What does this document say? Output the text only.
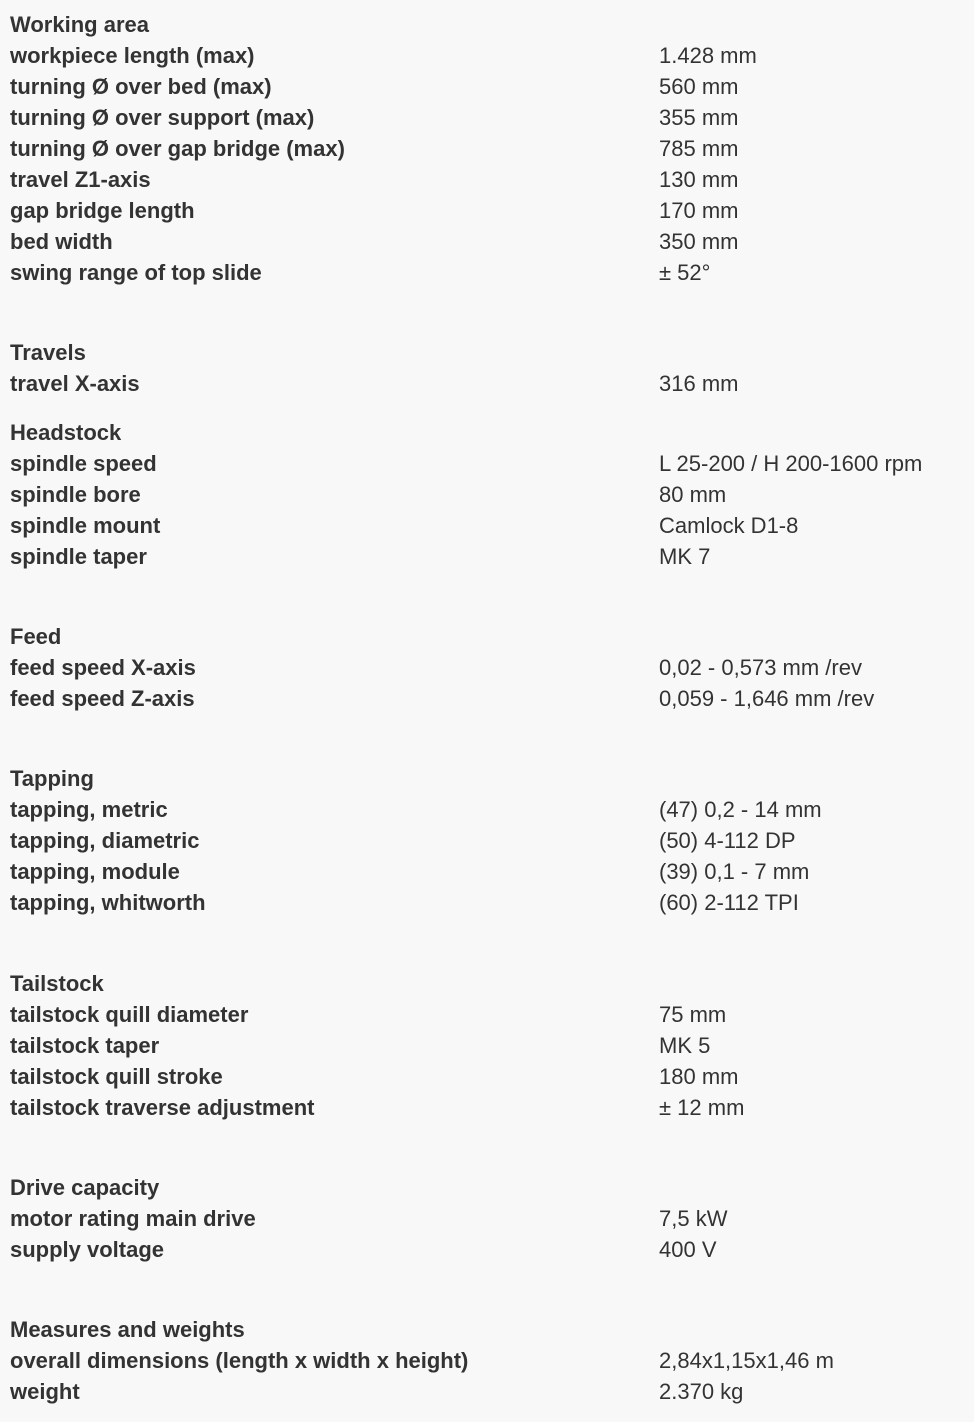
Working area
workpiece length (max)	1.428 mm
turning Ø over bed (max)	560 mm
turning Ø over support (max)	355 mm
turning Ø over gap bridge (max)	785 mm
travel Z1-axis	130 mm
gap bridge length	170 mm
bed width	350 mm
swing range of top slide	± 52°
Travels
travel X-axis	316 mm
Headstock
spindle speed	L 25-200 / H 200-1600 rpm
spindle bore	80 mm
spindle mount	Camlock D1-8
spindle taper	MK 7
Feed
feed speed X-axis	0,02 - 0,573 mm /rev
feed speed Z-axis	0,059 - 1,646 mm /rev
Tapping
tapping, metric	(47) 0,2 - 14 mm
tapping, diametric	(50) 4-112 DP
tapping, module	(39) 0,1 - 7 mm
tapping, whitworth	(60) 2-112 TPI
Tailstock
tailstock quill diameter	75 mm
tailstock taper	MK 5
tailstock quill stroke	180 mm
tailstock traverse adjustment	± 12 mm
Drive capacity
motor rating main drive	7,5 kW
supply voltage	400 V
Measures and weights
overall dimensions (length x width x height)	2,84x1,15x1,46 m
weight	2.370 kg
